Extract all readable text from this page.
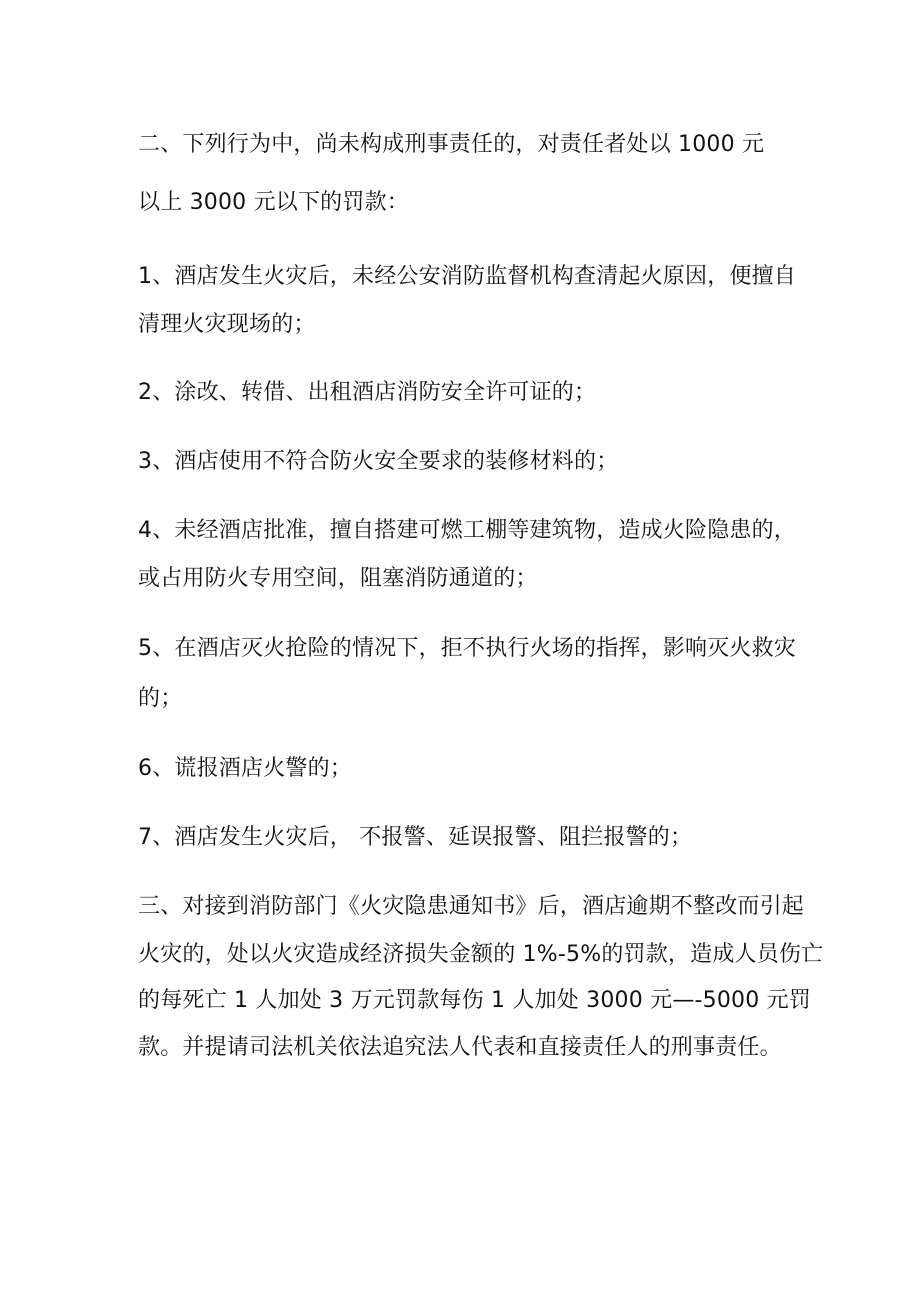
二、下列行为中，尚未构成刑事责任的，对责任者处以 1000 元
以上 3000 元以下的罚款：
1、酒店发生火灾后，未经公安消防监督机构查清起火原因，便擅自
清理火灾现场的；
2、涂改、转借、出租酒店消防安全许可证的；
3、酒店使用不符合防火安全要求的装修材料的；
4、未经酒店批准，擅自搭建可燃工棚等建筑物，造成火险隐患的，
或占用防火专用空间，阻塞消防通道的；
5、在酒店灭火抢险的情况下，拒不执行火场的指挥，影响灭火救灾
的；
6、谎报酒店火警的；
7、酒店发生火灾后， 不报警、延误报警、阻拦报警的；
三、对接到消防部门《火灾隐患通知书》后，酒店逾期不整改而引起
火灾的，处以火灾造成经济损失金额的 1%-5%的罚款，造成人员伤亡
的每死亡 1 人加处 3 万元罚款每伤 1 人加处 3000 元—-5000 元罚
款。并提请司法机关依法追究法人代表和直接责任人的刑事责任。
